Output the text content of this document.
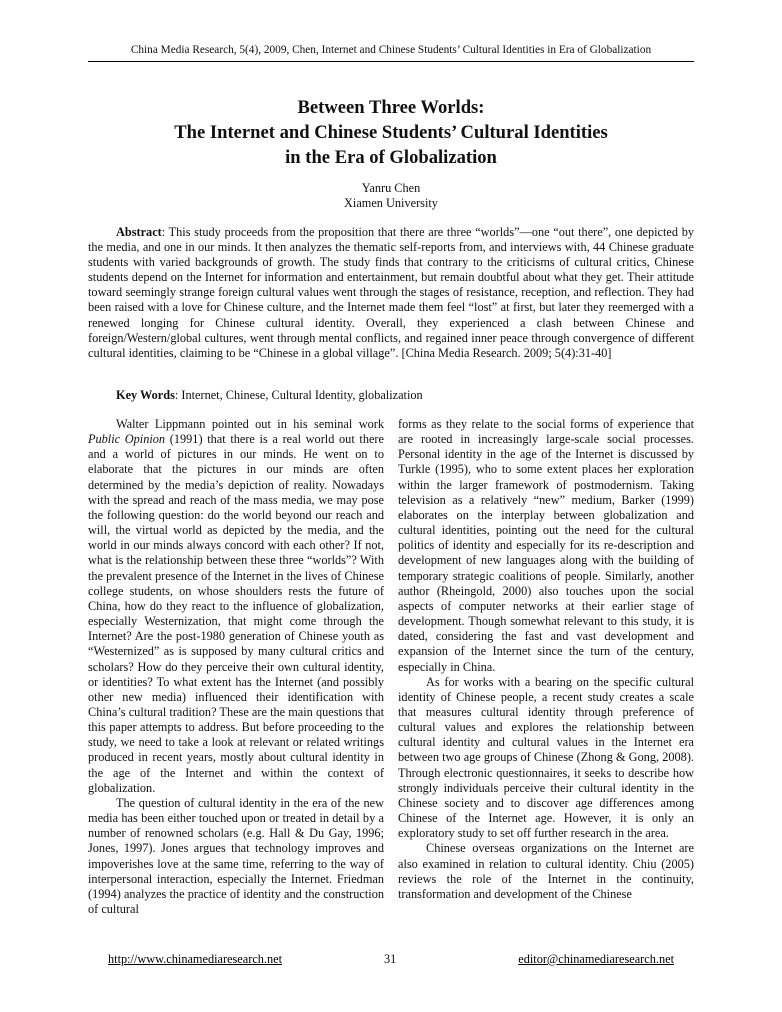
China Media Research, 5(4), 2009, Chen, Internet and Chinese Students’ Cultural Identities in Era of Globalization
Between Three Worlds:
The Internet and Chinese Students’ Cultural Identities
in the Era of Globalization
Yanru Chen
Xiamen University

Abstract: This study proceeds from the proposition that there are three “worlds”—one “out there”, one depicted by the media, and one in our minds. It then analyzes the thematic self-reports from, and interviews with, 44 Chinese graduate students with varied backgrounds of growth. The study finds that contrary to the criticisms of cultural critics, Chinese students depend on the Internet for information and entertainment, but remain doubtful about what they get. Their attitude toward seemingly strange foreign cultural values went through the stages of resistance, reception, and reflection. They had been raised with a love for Chinese culture, and the Internet made them feel “lost” at first, but later they reemerged with a renewed longing for Chinese cultural identity. Overall, they experienced a clash between Chinese and foreign/Western/global cultures, went through mental conflicts, and regained inner peace through convergence of different cultural identities, claiming to be “Chinese in a global village”. [China Media Research. 2009; 5(4):31-40]

Key Words: Internet, Chinese, Cultural Identity, globalization

Walter Lippmann pointed out in his seminal work Public Opinion (1991) that there is a real world out there and a world of pictures in our minds. He went on to elaborate that the pictures in our minds are often determined by the media’s depiction of reality. Nowadays with the spread and reach of the mass media, we may pose the following question: do the world beyond our reach and will, the virtual world as depicted by the media, and the world in our minds always concord with each other? If not, what is the relationship between these three “worlds”? With the prevalent presence of the Internet in the lives of Chinese college students, on whose shoulders rests the future of China, how do they react to the influence of globalization, especially Westernization, that might come through the Internet? Are the post-1980 generation of Chinese youth as “Westernized” as is supposed by many cultural critics and scholars? How do they perceive their own cultural identity, or identities? To what extent has the Internet (and possibly other new media) influenced their identification with China’s cultural tradition? These are the main questions that this paper attempts to address. But before proceeding to the study, we need to take a look at relevant or related writings produced in recent years, mostly about cultural identity in the age of the Internet and within the context of globalization.

The question of cultural identity in the era of the new media has been either touched upon or treated in detail by a number of renowned scholars (e.g. Hall & Du Gay, 1996; Jones, 1997). Jones argues that technology improves and impoverishes love at the same time, referring to the way of interpersonal interaction, especially the Internet. Friedman (1994) analyzes the practice of identity and the construction of cultural

forms as they relate to the social forms of experience that are rooted in increasingly large-scale social processes. Personal identity in the age of the Internet is discussed by Turkle (1995), who to some extent places her exploration within the larger framework of postmodernism. Taking television as a relatively “new” medium, Barker (1999) elaborates on the interplay between globalization and cultural identities, pointing out the need for the cultural politics of identity and especially for its re-description and development of new languages along with the building of temporary strategic coalitions of people. Similarly, another author (Rheingold, 2000) also touches upon the social aspects of computer networks at their earlier stage of development. Though somewhat relevant to this study, it is dated, considering the fast and vast development and expansion of the Internet since the turn of the century, especially in China.

As for works with a bearing on the specific cultural identity of Chinese people, a recent study creates a scale that measures cultural identity through preference of cultural values and explores the relationship between cultural identity and cultural values in the Internet era between two age groups of Chinese (Zhong & Gong, 2008). Through electronic questionnaires, it seeks to describe how strongly individuals perceive their cultural identity in the Chinese society and to discover age differences among Chinese of the Internet age. However, it is only an exploratory study to set off further research in the area.

Chinese overseas organizations on the Internet are also examined in relation to cultural identity. Chiu (2005) reviews the role of the Internet in the continuity, transformation and development of the Chinese

http://www.chinamediaresearch.net	31	editor@chinamediaresearch.net
